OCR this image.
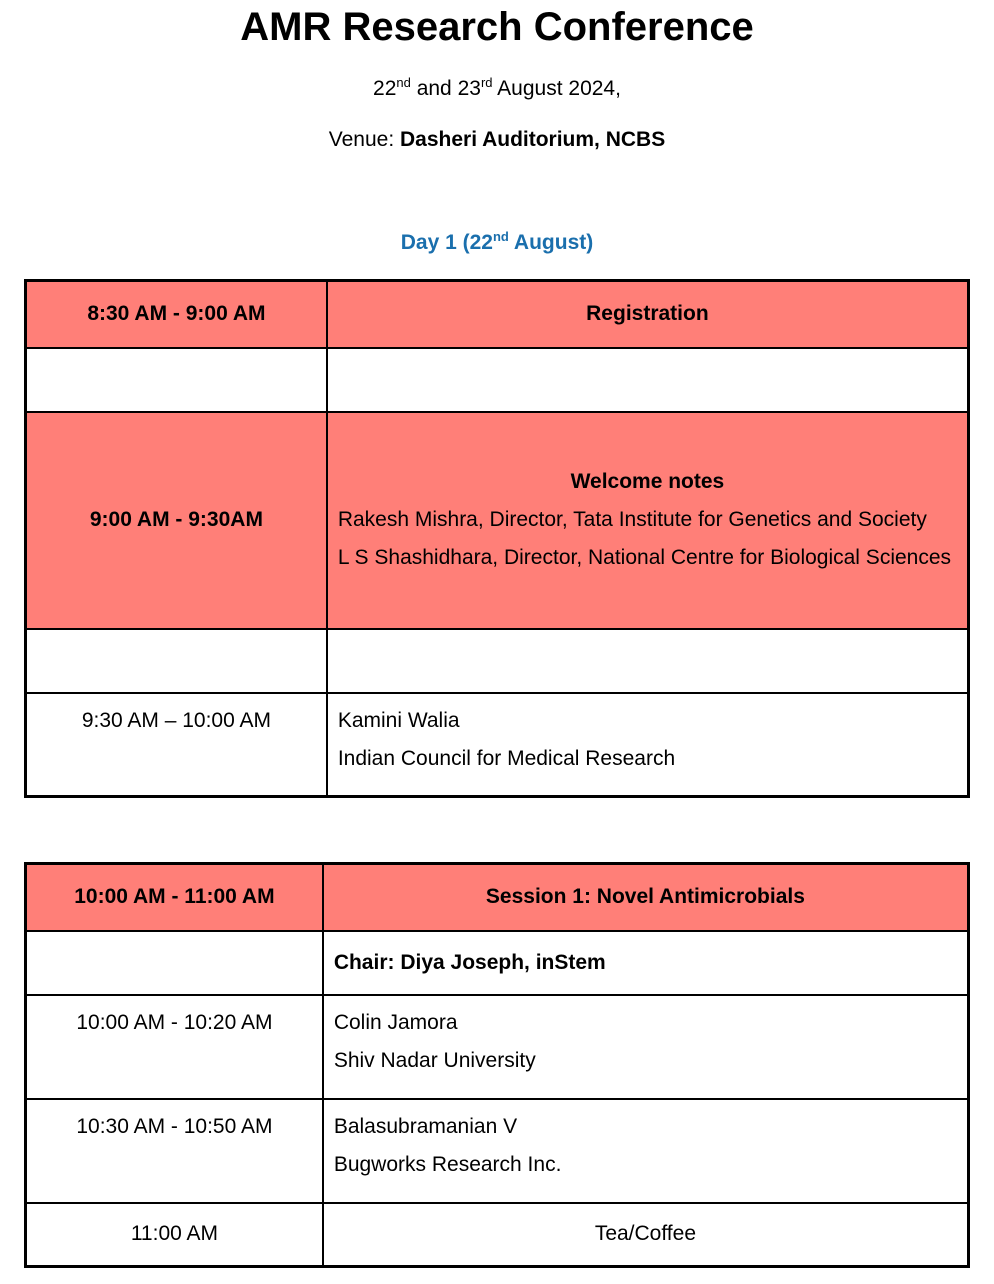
AMR Research Conference
22nd and 23rd August 2024,
Venue: Dasheri Auditorium, NCBS
Day 1 (22nd August)
8:30 AM - 9:00 AM	Registration

9:00 AM - 9:30AM	Welcome notes
Rakesh Mishra, Director, Tata Institute for Genetics and Society
L S Shashidhara, Director, National Centre for Biological Sciences

9:30 AM – 10:00 AM	Kamini Walia
Indian Council for Medical Research
10:00 AM - 11:00 AM	Session 1: Novel Antimicrobials
	Chair: Diya Joseph, inStem
10:00 AM - 10:20 AM	Colin Jamora
Shiv Nadar University

10:30 AM - 10:50 AM	Balasubramanian V
Bugworks Research Inc.

11:00 AM	Tea/Coffee
